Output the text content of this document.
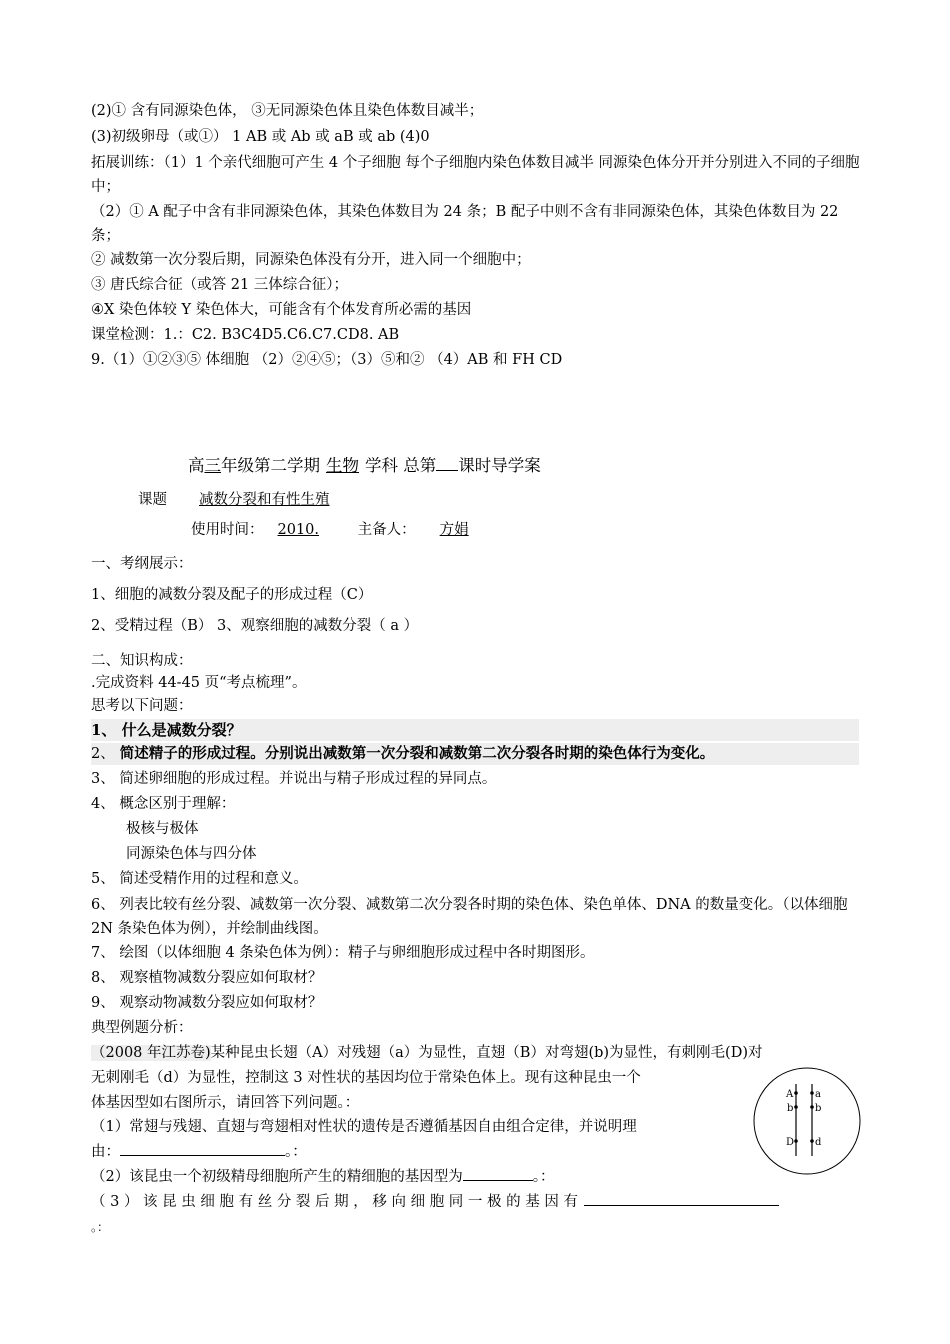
(2)① 含有同源染色体， ③无同源染色体且染色体数目减半；
(3)初级卵母（或①） 1 AB 或 Ab 或 aB 或 ab (4)0
拓展训练：（1）1 个亲代细胞可产生 4 个子细胞 每个子细胞内染色体数目减半 同源染色体分开并分别进入不同的子细胞中；
（2）① A 配子中含有非同源染色体，其染色体数目为 24 条；B 配子中则不含有非同源染色体，其染色体数目为 22 条；
② 减数第一次分裂后期，同源染色体没有分开，进入同一个细胞中；
③ 唐氏综合征（或答 21 三体综合征）；
④X 染色体较 Y 染色体大，可能含有个体发育所必需的基因
课堂检测：1.：C2. B3C4D5.C6.C7.CD8. AB
9.（1）①②③⑤ 体细胞 （2）②④⑤；（3）⑤和② （4）AB 和 FH CD
高三年级第二学期 生物 学科 总第 课时导学案
课题 减数分裂和有性生殖
使用时间： 2010.	主备人： 方娟
一、考纲展示：
1、细胞的减数分裂及配子的形成过程（C）
2、受精过程（B） 3、观察细胞的减数分裂（ a ）
二、知识构成：
.完成资料 44-45 页“考点梳理”。
思考以下问题：
1、 什么是减数分裂？
2、 简述精子的形成过程。分别说出减数第一次分裂和减数第二次分裂各时期的染色体行为变化。
3、 简述卵细胞的形成过程。并说出与精子形成过程的异同点。
4、 概念区别于理解：
极核与极体
同源染色体与四分体
5、 简述受精作用的过程和意义。
6、 列表比较有丝分裂、减数第一次分裂、减数第二次分裂各时期的染色体、染色单体、DNA 的数量变化。（以体细胞 2N 条染色体为例），并绘制曲线图。
7、 绘图（以体细胞 4 条染色体为例）：精子与卵细胞形成过程中各时期图形。
8、 观察植物减数分裂应如何取材？
9、 观察动物减数分裂应如何取材？
典型例题分析：
（2008 年江苏卷)某种昆虫长翅（A）对残翅（a）为显性，直翅（B）对弯翅(b)为显性，有刺刚毛(D)对
无刺刚毛（d）为显性，控制这 3 对性状的基因均位于常染色体上。现有这种昆虫一个
体基因型如右图所示，请回答下列问题。：
（1）常翅与残翅、直翅与弯翅相对性状的遗传是否遵循基因自由组合定律，并说明理
由：	。：
（2）该昆虫一个初级精母细胞所产生的精细胞的基因型为	。：
（ 3 ） 该 昆 虫 细 胞 有 丝 分 裂 后 期 ， 移 向 细 胞 同 一 极 的 基 因 有
。：
A a
b b
D d
